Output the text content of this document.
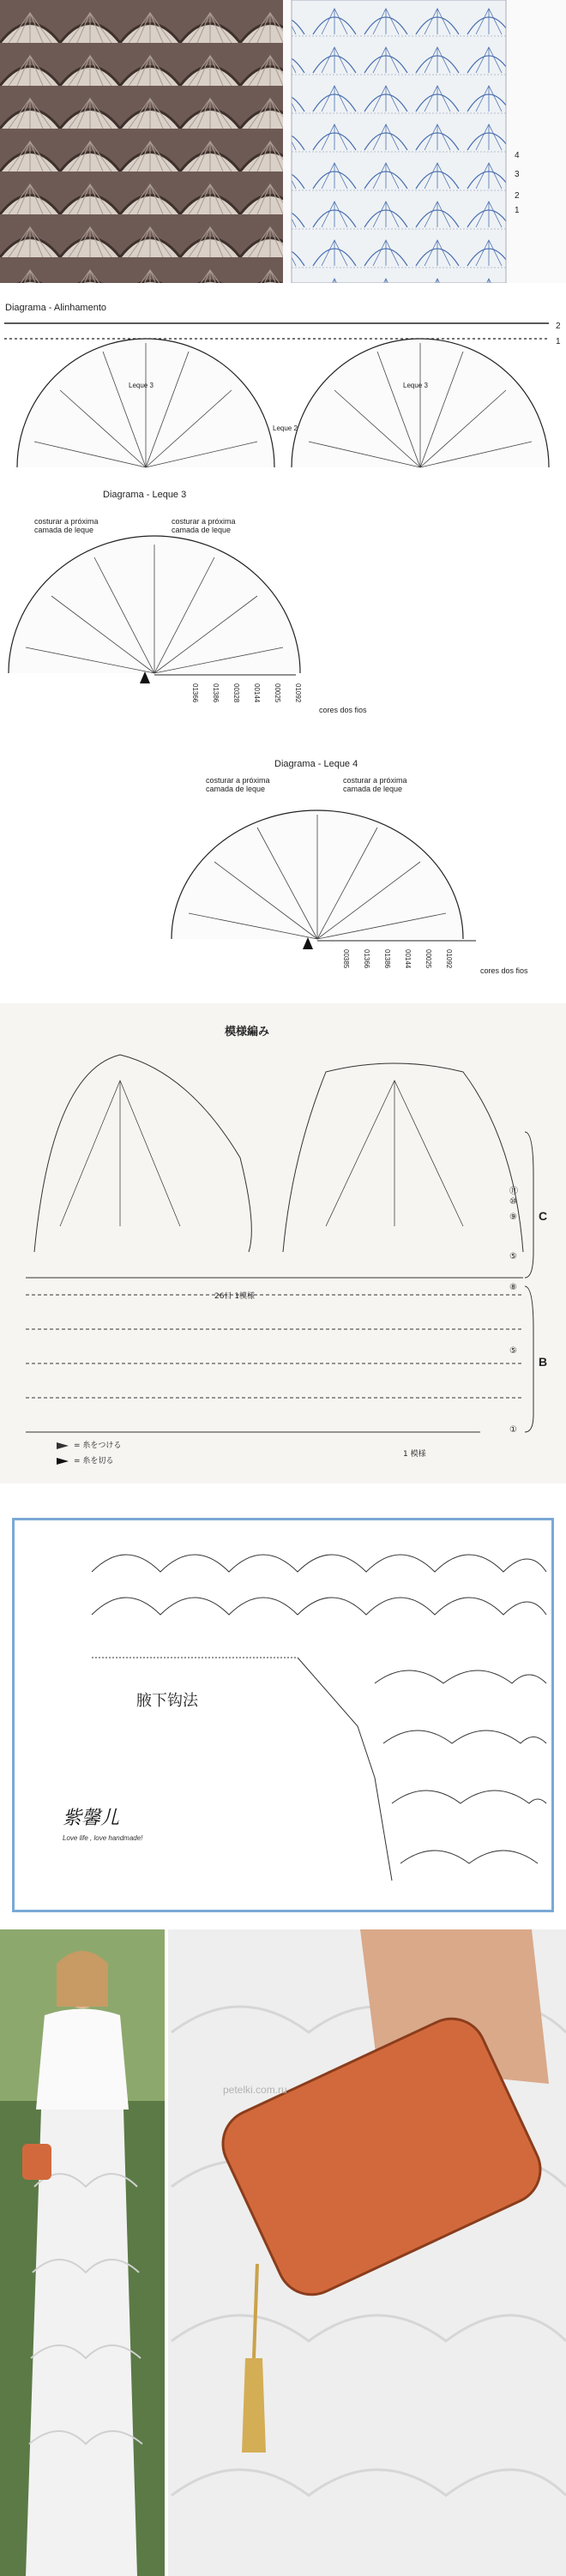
4
3
2
1
Diagrama - Alinhamento
2
1
Leque 3
Leque 2
Leque 3
Diagrama - Leque 3
costurar a próxima camada de leque
costurar a próxima camada de leque
01366 01386 00328 00144 00025 01092
cores dos fios
Diagrama - Leque 4
costurar a próxima camada de leque
costurar a próxima camada de leque
00385 01366 01386 00144 00025 01092
cores dos fios
模様編み
C
B
⑪
⑩
⑨
⑤
⑧
⑤
①
26目 1模様
1 模様
= 糸をつける
= 糸を切る
腋下钩法
紫馨儿
Love life , love handmade!
petelki.com.ru
